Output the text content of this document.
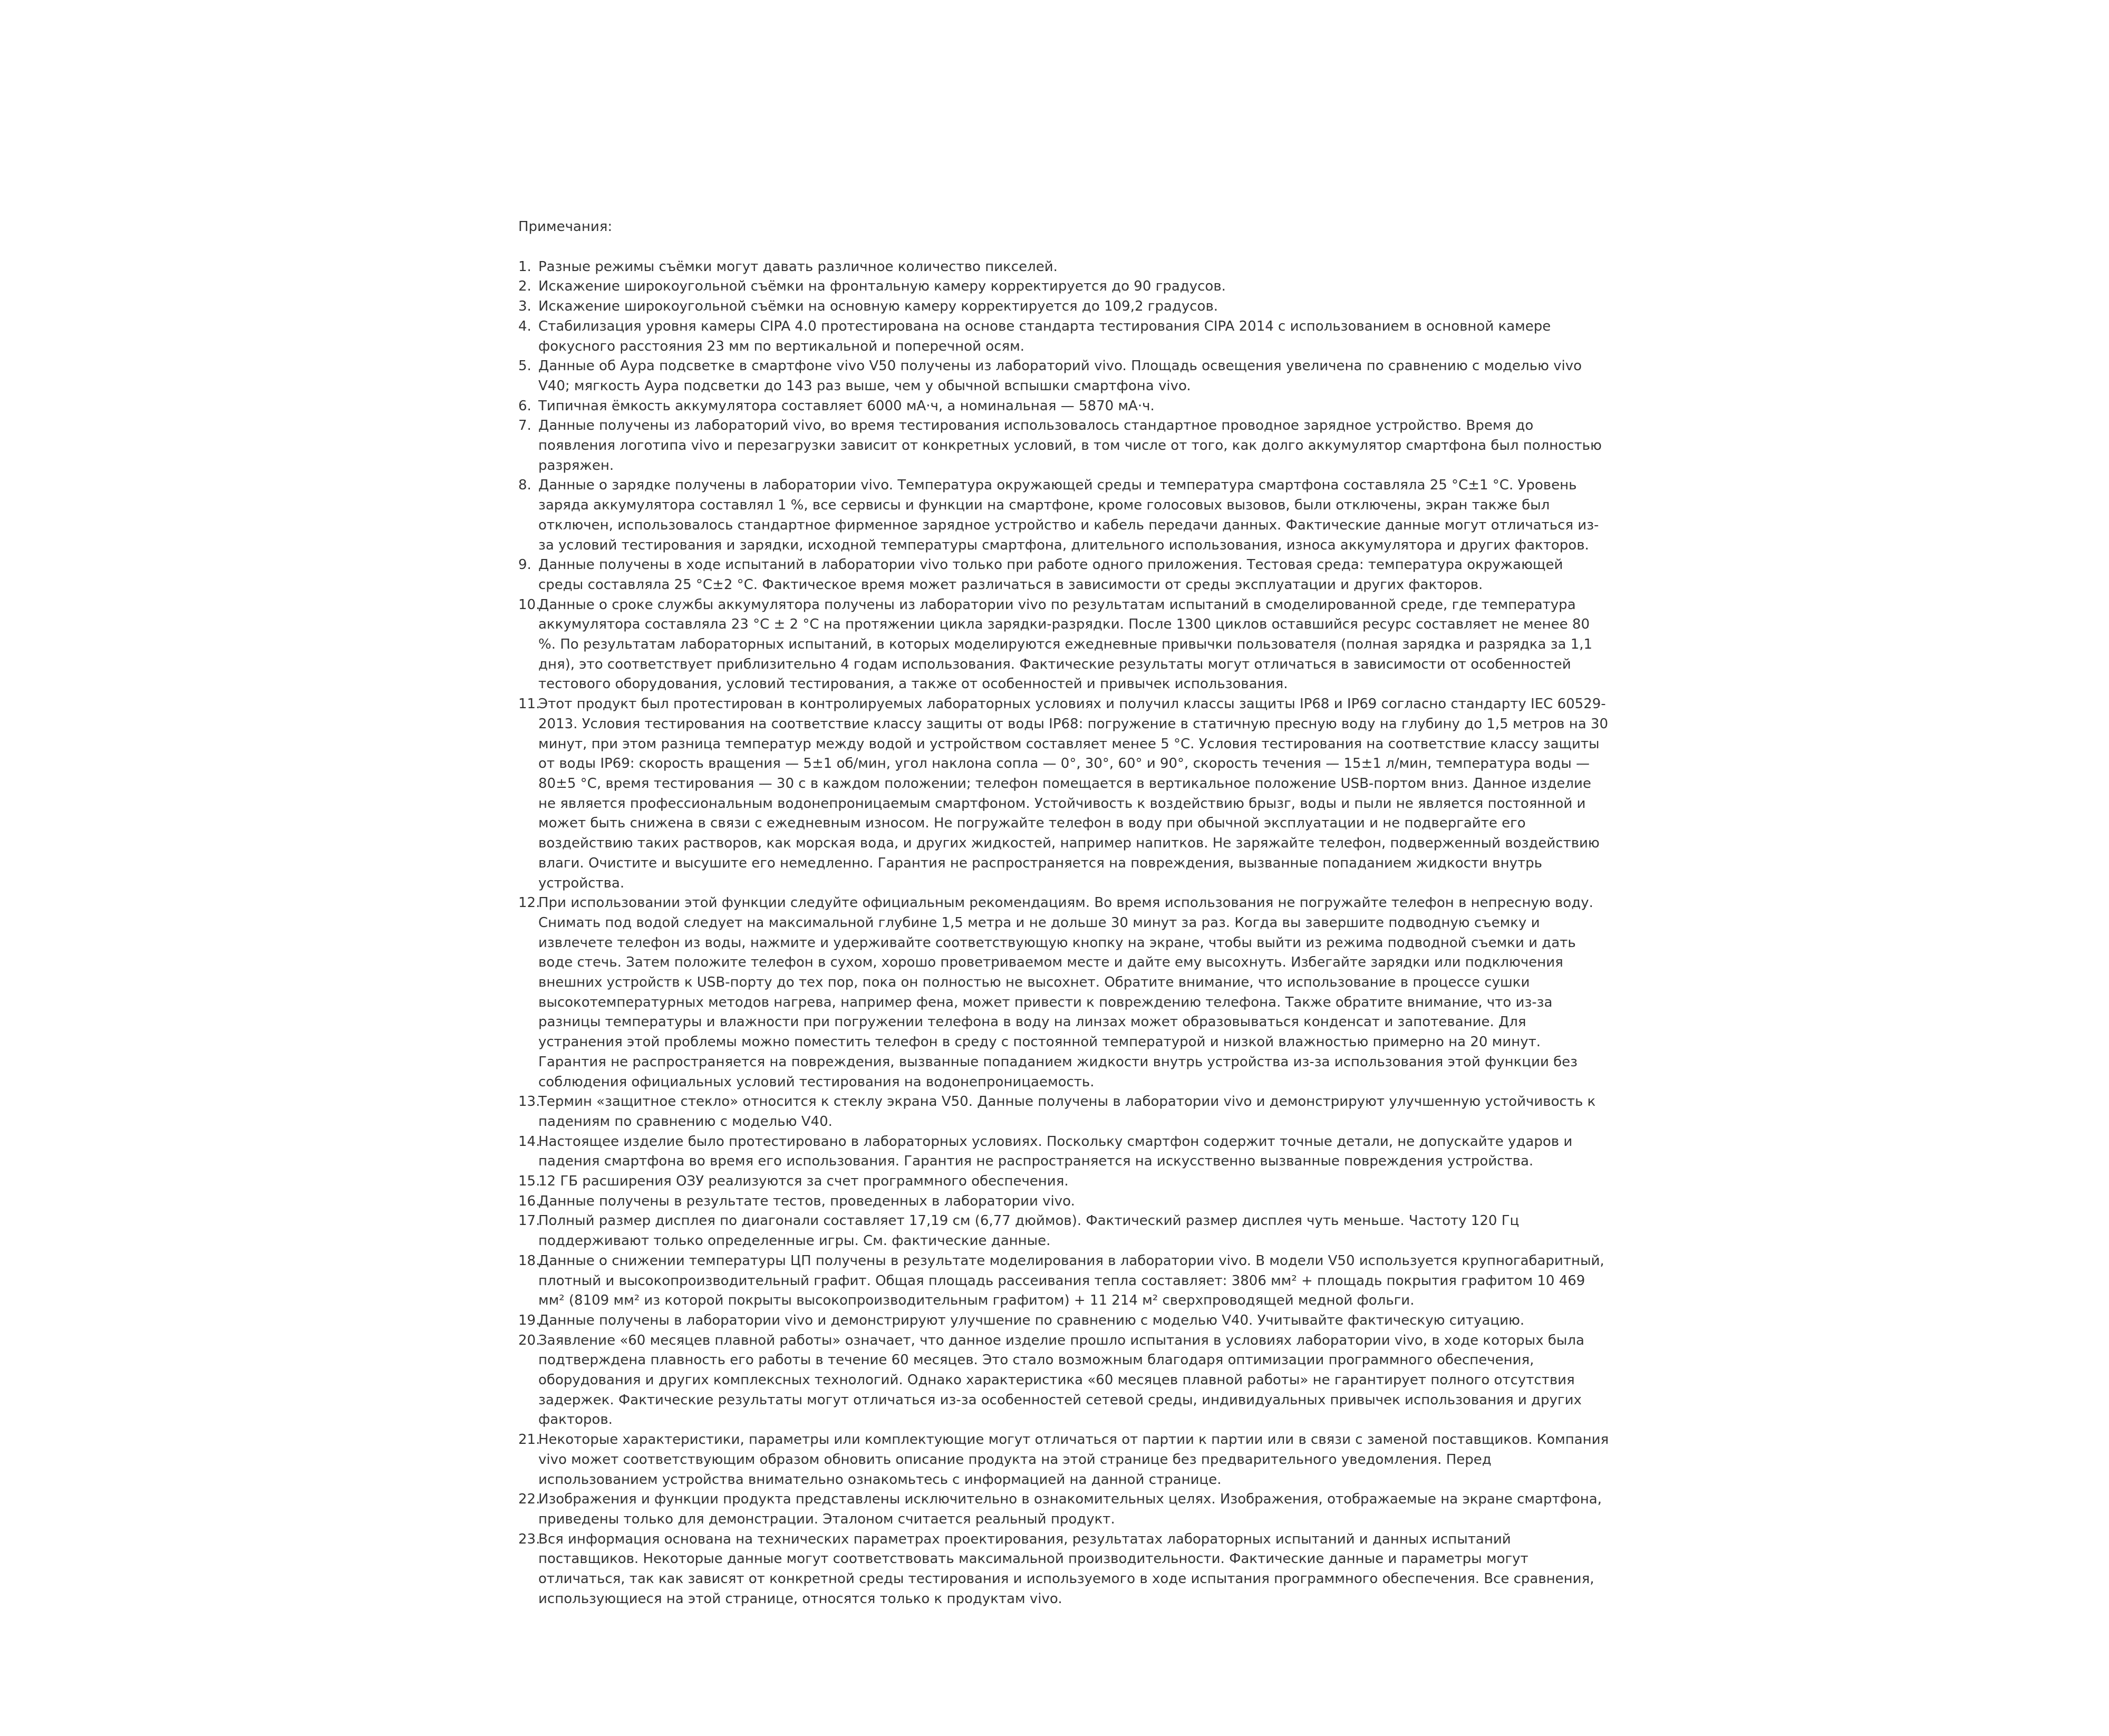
Примечания:
1. Разные режимы съёмки могут давать различное количество пикселей.
2. Искажение широкоугольной съёмки на фронтальную камеру корректируется до 90 градусов.
3. Искажение широкоугольной съёмки на основную камеру корректируется до 109,2 градусов.
4. Стабилизация уровня камеры CIPA 4.0 протестирована на основе стандарта тестирования CIPA 2014 с использованием в основной камере фокусного расстояния 23 мм по вертикальной и поперечной осям.
5. Данные об Аура подсветке в смартфоне vivo V50 получены из лабораторий vivo. Площадь освещения увеличена по сравнению с моделью vivo V40; мягкость Аура подсветки до 143 раз выше, чем у обычной вспышки смартфона vivo.
6. Типичная ёмкость аккумулятора составляет 6000 мА·ч, а номинальная — 5870 мА·ч.
7. Данные получены из лабораторий vivo, во время тестирования использовалось стандартное проводное зарядное устройство. Время до появления логотипа vivo и перезагрузки зависит от конкретных условий, в том числе от того, как долго аккумулятор смартфона был полностью разряжен.
8. Данные о зарядке получены в лаборатории vivo. Температура окружающей среды и температура смартфона составляла 25 °C±1 °C. Уровень заряда аккумулятора составлял 1 %, все сервисы и функции на смартфоне, кроме голосовых вызовов, были отключены, экран также был отключен, использовалось стандартное фирменное зарядное устройство и кабель передачи данных. Фактические данные могут отличаться из-за условий тестирования и зарядки, исходной температуры смартфона, длительного использования, износа аккумулятора и других факторов.
9. Данные получены в ходе испытаний в лаборатории vivo только при работе одного приложения. Тестовая среда: температура окружающей среды составляла 25 °C±2 °C. Фактическое время может различаться в зависимости от среды эксплуатации и других факторов.
10.
Данные о сроке службы аккумулятора получены из лаборатории vivo по результатам испытаний в смоделированной среде, где температура аккумулятора составляла 23 °C ± 2 °C на протяжении цикла зарядки-разрядки. После 1300 циклов оставшийся ресурс составляет не менее 80 %. По результатам лабораторных испытаний, в которых моделируются ежедневные привычки пользователя (полная зарядка и разрядка за 1,1 дня), это соответствует приблизительно 4 годам использования. Фактические результаты могут отличаться в зависимости от особенностей тестового оборудования, условий тестирования, а также от особенностей и привычек использования.
11.
Этот продукт был протестирован в контролируемых лабораторных условиях и получил классы защиты IP68 и IP69 согласно стандарту IEC 60529-2013. Условия тестирования на соответствие классу защиты от воды IP68: погружение в статичную пресную воду на глубину до 1,5 метров на 30 минут, при этом разница температур между водой и устройством составляет менее 5 °C. Условия тестирования на соответствие классу защиты от воды IP69: скорость вращения — 5±1 об/мин, угол наклона сопла — 0°, 30°, 60° и 90°, скорость течения — 15±1 л/мин, температура воды — 80±5 °C, время тестирования — 30 с в каждом положении; телефон помещается в вертикальное положение USB-портом вниз. Данное изделие не является профессиональным водонепроницаемым смартфоном. Устойчивость к воздействию брызг, воды и пыли не является постоянной и может быть снижена в связи с ежедневным износом. Не погружайте телефон в воду при обычной эксплуатации и не подвергайте его воздействию таких растворов, как морская вода, и других жидкостей, например напитков. Не заряжайте телефон, подверженный воздействию влаги. Очистите и высушите его немедленно. Гарантия не распространяется на повреждения, вызванные попаданием жидкости внутрь устройства.
12.
При использовании этой функции следуйте официальным рекомендациям. Во время использования не погружайте телефон в непресную воду. Снимать под водой следует на максимальной глубине 1,5 метра и не дольше 30 минут за раз. Когда вы завершите подводную съемку и извлечете телефон из воды, нажмите и удерживайте соответствующую кнопку на экране, чтобы выйти из режима подводной съемки и дать воде стечь. Затем положите телефон в сухом, хорошо проветриваемом месте и дайте ему высохнуть. Избегайте зарядки или подключения внешних устройств к USB-порту до тех пор, пока он полностью не высохнет. Обратите внимание, что использование в процессе сушки высокотемпературных методов нагрева, например фена, может привести к повреждению телефона. Также обратите внимание, что из-за разницы температуры и влажности при погружении телефона в воду на линзах может образовываться конденсат и запотевание. Для устранения этой проблемы можно поместить телефон в среду с постоянной температурой и низкой влажностью примерно на 20 минут. Гарантия не распространяется на повреждения, вызванные попаданием жидкости внутрь устройства из-за использования этой функции без соблюдения официальных условий тестирования на водонепроницаемость.
13.
Термин «защитное стекло» относится к стеклу экрана V50. Данные получены в лаборатории vivo и демонстрируют улучшенную устойчивость к падениям по сравнению с моделью V40.
14.
Настоящее изделие было протестировано в лабораторных условиях. Поскольку смартфон содержит точные детали, не допускайте ударов и падения смартфона во время его использования. Гарантия не распространяется на искусственно вызванные повреждения устройства.
15.
12 ГБ расширения ОЗУ реализуются за счет программного обеспечения.
16.
Данные получены в результате тестов, проведенных в лаборатории vivo.
17.
Полный размер дисплея по диагонали составляет 17,19 см (6,77 дюймов). Фактический размер дисплея чуть меньше. Частоту 120 Гц поддерживают только определенные игры. См. фактические данные.
18.
Данные о снижении температуры ЦП получены в результате моделирования в лаборатории vivo. В модели V50 используется крупногабаритный, плотный и высокопроизводительный графит. Общая площадь рассеивания тепла составляет: 3806 мм² + площадь покрытия графитом 10 469 мм² (8109 мм² из которой покрыты высокопроизводительным графитом) + 11 214 м² сверхпроводящей медной фольги.
19.
Данные получены в лаборатории vivo и демонстрируют улучшение по сравнению с моделью V40. Учитывайте фактическую ситуацию.
20.
Заявление «60 месяцев плавной работы» означает, что данное изделие прошло испытания в условиях лаборатории vivo, в ходе которых была подтверждена плавность его работы в течение 60 месяцев. Это стало возможным благодаря оптимизации программного обеспечения, оборудования и других комплексных технологий. Однако характеристика «60 месяцев плавной работы» не гарантирует полного отсутствия задержек. Фактические результаты могут отличаться из-за особенностей сетевой среды, индивидуальных привычек использования и других факторов.
21.
Некоторые характеристики, параметры или комплектующие могут отличаться от партии к партии или в связи с заменой поставщиков. Компания vivo может соответствующим образом обновить описание продукта на этой странице без предварительного уведомления. Перед использованием устройства внимательно ознакомьтесь с информацией на данной странице.
22.
Изображения и функции продукта представлены исключительно в ознакомительных целях. Изображения, отображаемые на экране смартфона, приведены только для демонстрации. Эталоном считается реальный продукт.
23.
Вся информация основана на технических параметрах проектирования, результатах лабораторных испытаний и данных испытаний поставщиков. Некоторые данные могут соответствовать максимальной производительности. Фактические данные и параметры могут отличаться, так как зависят от конкретной среды тестирования и используемого в ходе испытания программного обеспечения. Все сравнения, использующиеся на этой странице, относятся только к продуктам vivo.
